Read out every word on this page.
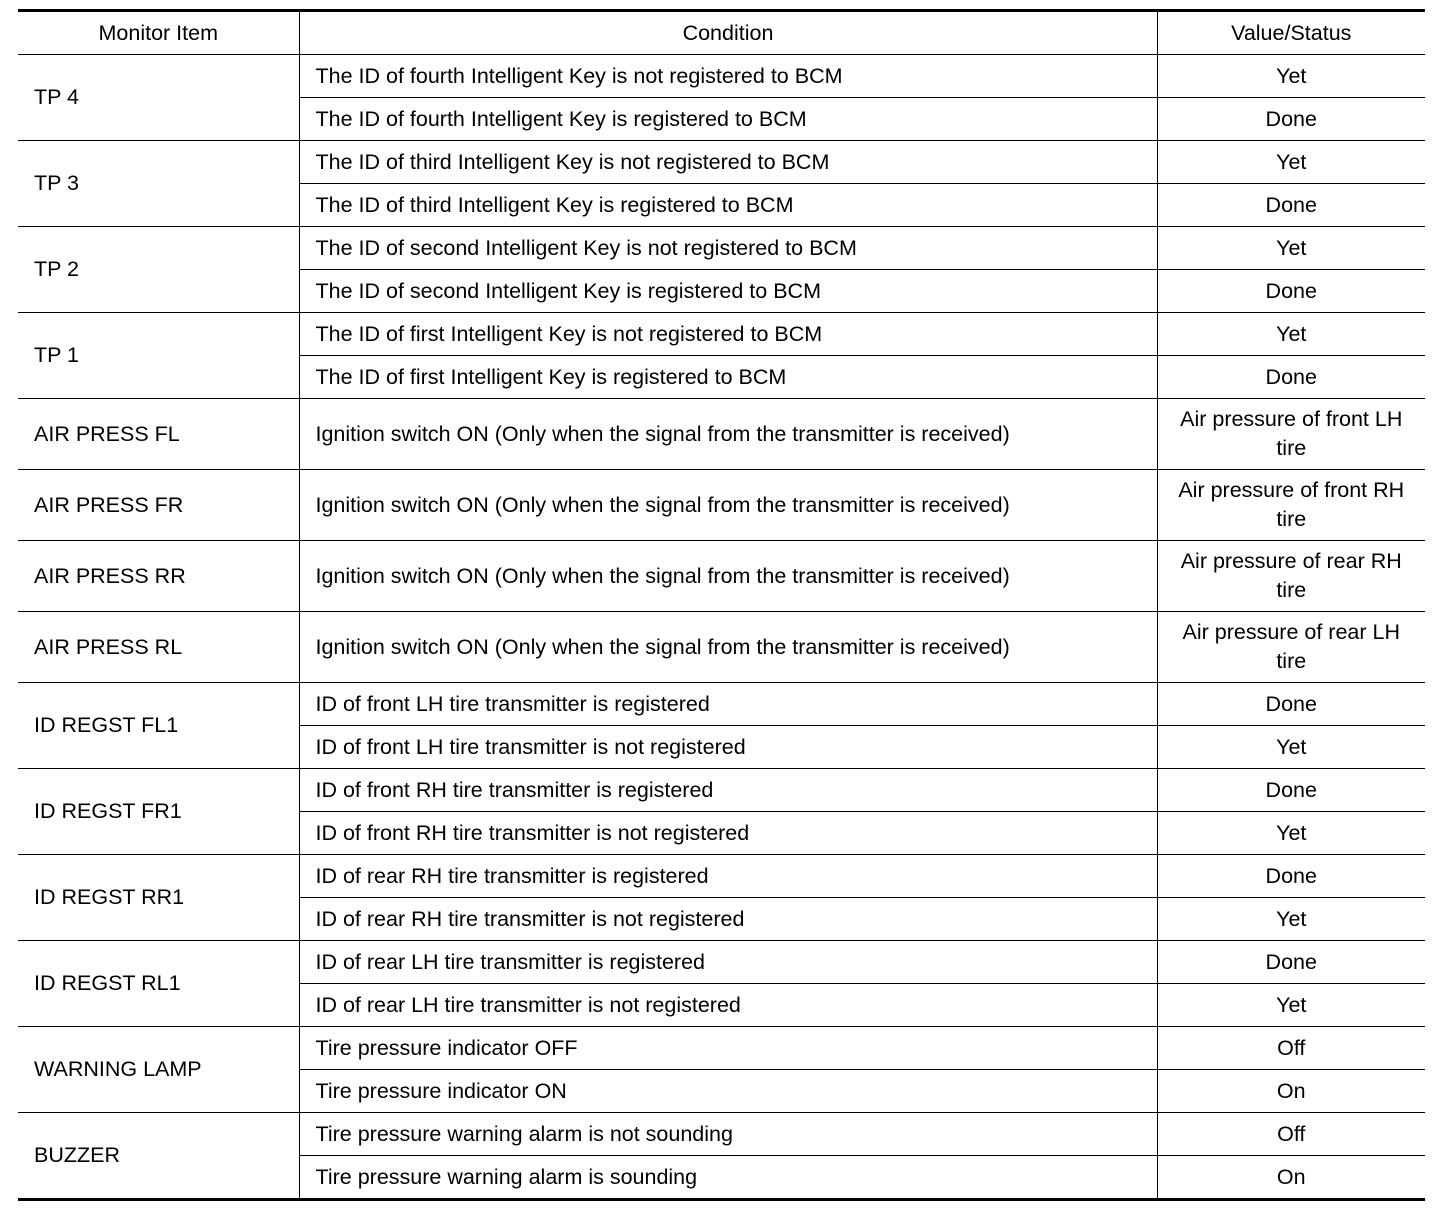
Monitor Item	Condition	Value/Status
TP 4	The ID of fourth Intelligent Key is not registered to BCM	Yet
	The ID of fourth Intelligent Key is registered to BCM	Done
TP 3	The ID of third Intelligent Key is not registered to BCM	Yet
	The ID of third Intelligent Key is registered to BCM	Done
TP 2	The ID of second Intelligent Key is not registered to BCM	Yet
	The ID of second Intelligent Key is registered to BCM	Done
TP 1	The ID of first Intelligent Key is not registered to BCM	Yet
	The ID of first Intelligent Key is registered to BCM	Done
AIR PRESS FL	Ignition switch ON (Only when the signal from the transmitter is received)	Air pressure of front LH tire
AIR PRESS FR	Ignition switch ON (Only when the signal from the transmitter is received)	Air pressure of front RH tire
AIR PRESS RR	Ignition switch ON (Only when the signal from the transmitter is received)	Air pressure of rear RH tire
AIR PRESS RL	Ignition switch ON (Only when the signal from the transmitter is received)	Air pressure of rear LH tire
ID REGST FL1	ID of front LH tire transmitter is registered	Done
	ID of front LH tire transmitter is not registered	Yet
ID REGST FR1	ID of front RH tire transmitter is registered	Done
	ID of front RH tire transmitter is not registered	Yet
ID REGST RR1	ID of rear RH tire transmitter is registered	Done
	ID of rear RH tire transmitter is not registered	Yet
ID REGST RL1	ID of rear LH tire transmitter is registered	Done
	ID of rear LH tire transmitter is not registered	Yet
WARNING LAMP	Tire pressure indicator OFF	Off
	Tire pressure indicator ON	On
BUZZER	Tire pressure warning alarm is not sounding	Off
	Tire pressure warning alarm is sounding	On
